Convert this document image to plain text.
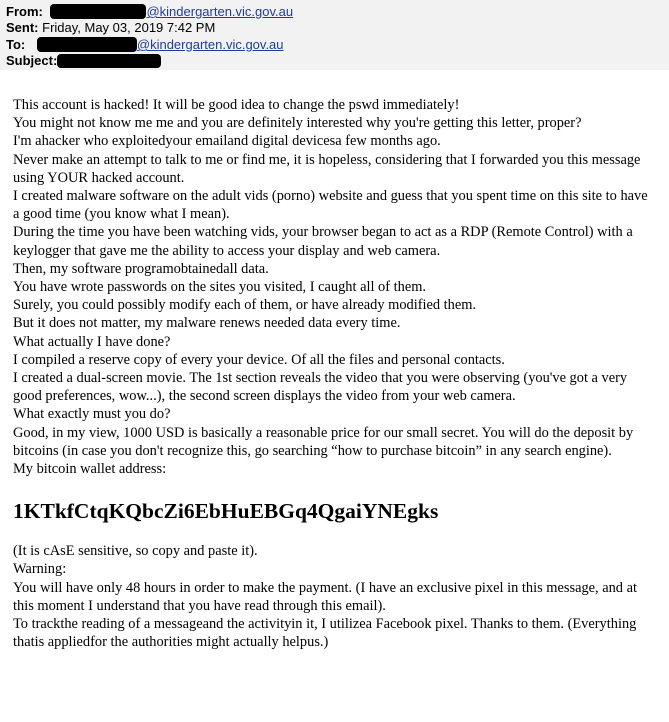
From:	@kindergarten.vic.gov.au
Sent: Friday, May 03, 2019 7:42 PM
To:	@kindergarten.vic.gov.au
Subject:

This account is hacked! It will be good idea to change the pswd immediately!

You might not know me me and you are definitely interested why you're getting this letter, proper?

I'm ahacker who exploitedyour emailand digital devicesa few months ago.

Never make an attempt to talk to me or find me, it is hopeless, considering that I forwarded you this message using YOUR hacked account.

I created malware software on the adult vids (porno) website and guess that you spent time on this site to have a good time (you know what I mean).

During the time you have been watching vids, your browser began to act as a RDP (Remote Control) with a keylogger that gave me the ability to access your display and web camera.

Then, my software programobtainedall data.

You have wrote passwords on the sites you visited, I caught all of them.

Surely, you could possibly modify each of them, or have already modified them.

But it does not matter, my malware renews needed data every time.

What actually I have done?

I compiled a reserve copy of every your device. Of all the files and personal contacts.

I created a dual-screen movie. The 1st section reveals the video that you were observing (you've got a very good preferences, wow...), the second screen displays the video from your web camera.

What exactly must you do?

Good, in my view, 1000 USD is basically a reasonable price for our small secret. You will do the deposit by bitcoins (in case you don't recognize this, go searching “how to purchase bitcoin” in any search engine).

My bitcoin wallet address:

1KTkfCtqKQbcZi6EbHuEBGq4QgaiYNEgks

(It is cAsE sensitive, so copy and paste it).

Warning:

You will have only 48 hours in order to make the payment. (I have an exclusive pixel in this message, and at this moment I understand that you have read through this email).

To trackthe reading of a messageand the activityin it, I utilizea Facebook pixel. Thanks to them. (Everything thatis appliedfor the authorities might actually helpus.)
